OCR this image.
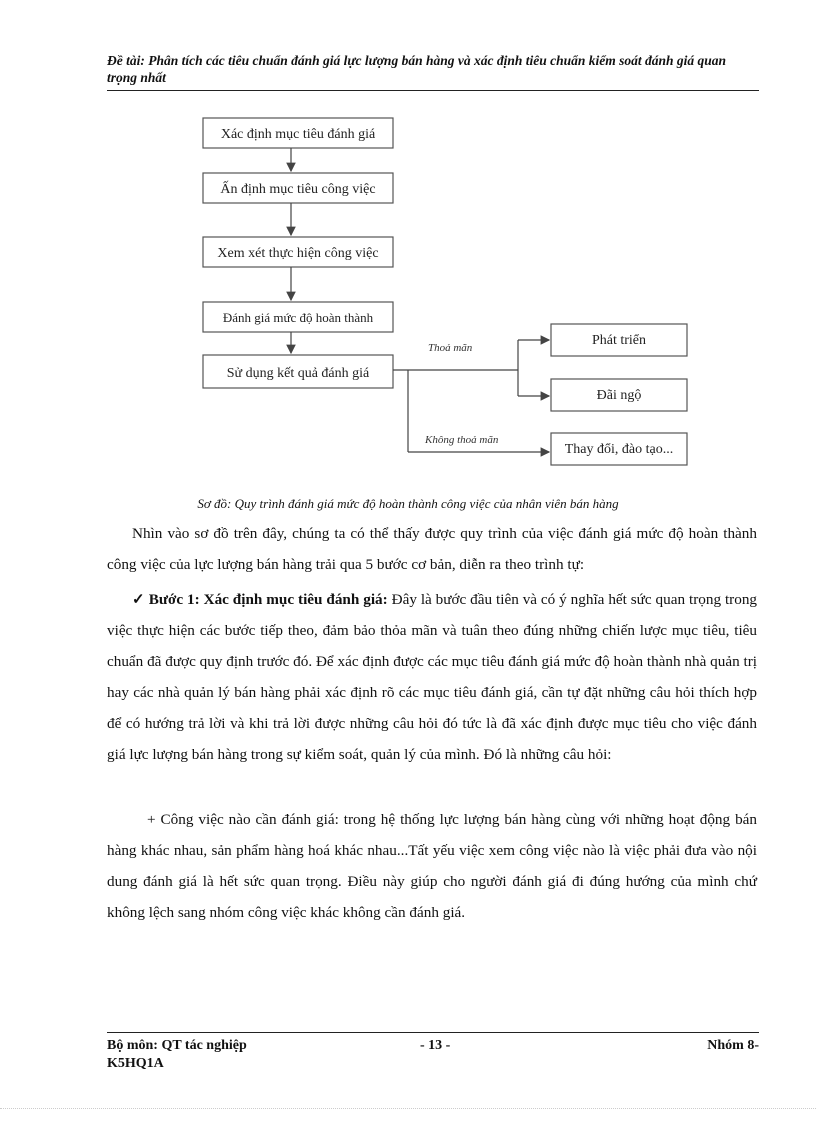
Đề tài: Phân tích các tiêu chuẩn đánh giá lực lượng bán hàng và xác định tiêu chuẩn kiểm soát đánh giá quan trọng nhất
Xác định mục tiêu đánh giá
Ấn định mục tiêu công việc
Xem xét thực hiện công việc
Đánh giá mức độ hoàn thành
Sử dụng kết quả đánh giá
Thoả mãn
Không thoả mãn
Phát triển
Đãi ngộ
Thay đổi, đào tạo...
Sơ đồ: Quy trình đánh giá mức độ hoàn thành công việc của nhân viên bán hàng
Nhìn vào sơ đồ trên đây, chúng ta có thể thấy được quy trình của việc đánh giá mức độ hoàn thành công việc của lực lượng bán hàng trải qua 5 bước cơ bản, diễn ra theo trình tự:
✓ Bước 1: Xác định mục tiêu đánh giá: Đây là bước đầu tiên và có ý nghĩa hết sức quan trọng trong việc thực hiện các bước tiếp theo, đảm bảo thỏa mãn và tuân theo đúng những chiến lược mục tiêu, tiêu chuẩn đã được quy định trước đó. Để xác định được các mục tiêu đánh giá mức độ hoàn thành nhà quản trị hay các nhà quản lý bán hàng phải xác định rõ các mục tiêu đánh giá, cần tự đặt những câu hỏi thích hợp để có hướng trả lời và khi trả lời được những câu hỏi đó tức là đã xác định được mục tiêu cho việc đánh giá lực lượng bán hàng trong sự kiểm soát, quản lý của mình. Đó là những câu hỏi:
+ Công việc nào cần đánh giá: trong hệ thống lực lượng bán hàng cùng với những hoạt động bán hàng khác nhau, sản phẩm hàng hoá khác nhau...Tất yếu việc xem công việc nào là việc phải đưa vào nội dung đánh giá là hết sức quan trọng. Điều này giúp cho người đánh giá đi đúng hướng của mình chứ không lệch sang nhóm công việc khác không cần đánh giá.
Bộ môn: QT tác nghiệp K5HQ1A
- 13 -	Nhóm 8-
